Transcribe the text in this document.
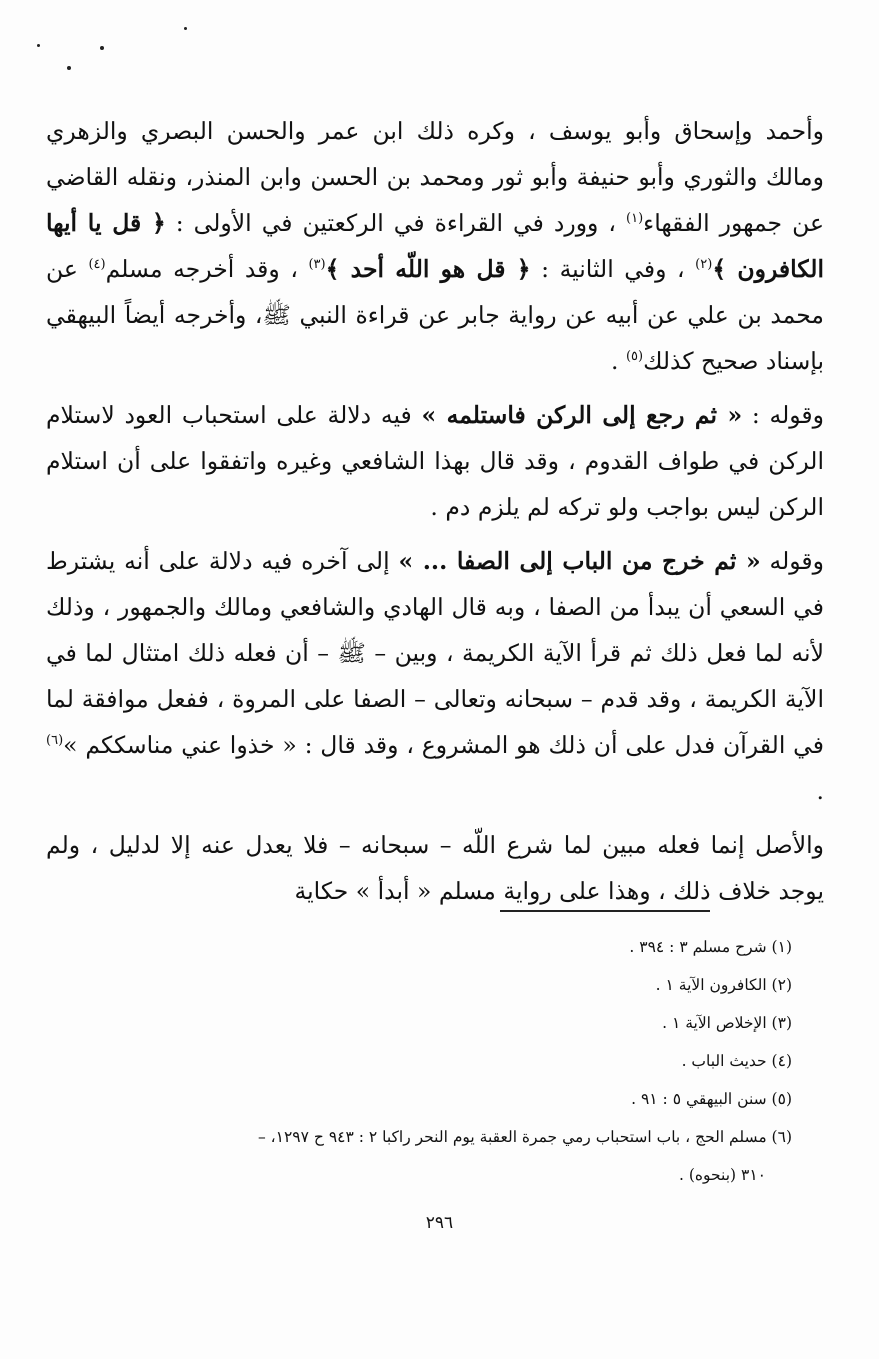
وأحمد وإسحاق وأبو يوسف ، وكره ذلك ابن عمر والحسن البصري والزهري ومالك والثوري وأبو حنيفة وأبو ثور ومحمد بن الحسن وابن المنذر، ونقله القاضي عن جمهور الفقهاء$^{(١)}$ ، وورد في القراءة في الركعتين في الأولى : ﴿ قل يا أيها الكافرون ﴾$^{(٢)}$ ، وفي الثانية : ﴿ قل هو اللّه أحد ﴾$^{(٣)}$ ، وقد أخرجه مسلم$^{(٤)}$ عن محمد بن علي عن أبيه عن رواية جابر عن قراءة النبي ﷺ، وأخرجه أيضاً البيهقي بإسناد صحيح كذلك$^{(٥)}$ .

وقوله : « ثم رجع إلى الركن فاستلمه » فيه دلالة على استحباب العود لاستلام الركن في طواف القدوم ، وقد قال بهذا الشافعي وغيره واتفقوا على أن استلام الركن ليس بواجب ولو تركه لم يلزم دم .

وقوله « ثم خرج من الباب إلى الصفا ... » إلى آخره فيه دلالة على أنه يشترط في السعي أن يبدأ من الصفا ، وبه قال الهادي والشافعي ومالك والجمهور ، وذلك لأنه لما فعل ذلك ثم قرأ الآية الكريمة ، وبين – ﷺ – أن فعله ذلك امتثال لما في الآية الكريمة ، وقد قدم – سبحانه وتعالى – الصفا على المروة ، ففعل موافقة لما في القرآن فدل على أن ذلك هو المشروع ، وقد قال : « خذوا عني مناسككم »$^{(٦)}$ .

والأصل إنما فعله مبين لما شرع اللّه – سبحانه – فلا يعدل عنه إلا لدليل ، ولم يوجد خلاف ذلك ، وهذا على رواية مسلم « أبدأ » حكاية

(١) شرح مسلم ٣ : ٣٩٤ .
(٢) الكافرون الآية ١ .
(٣) الإخلاص الآية ١ .
(٤) حديث الباب .
(٥) سنن البيهقي ٥ : ٩١ .
(٦) مسلم الحج ، باب استحباب رمي جمرة العقبة يوم النحر راكبا ٢ : ٩٤٣ ح ١٢٩٧، –
٣١٠ (بنحوه) .
٢٩٦
